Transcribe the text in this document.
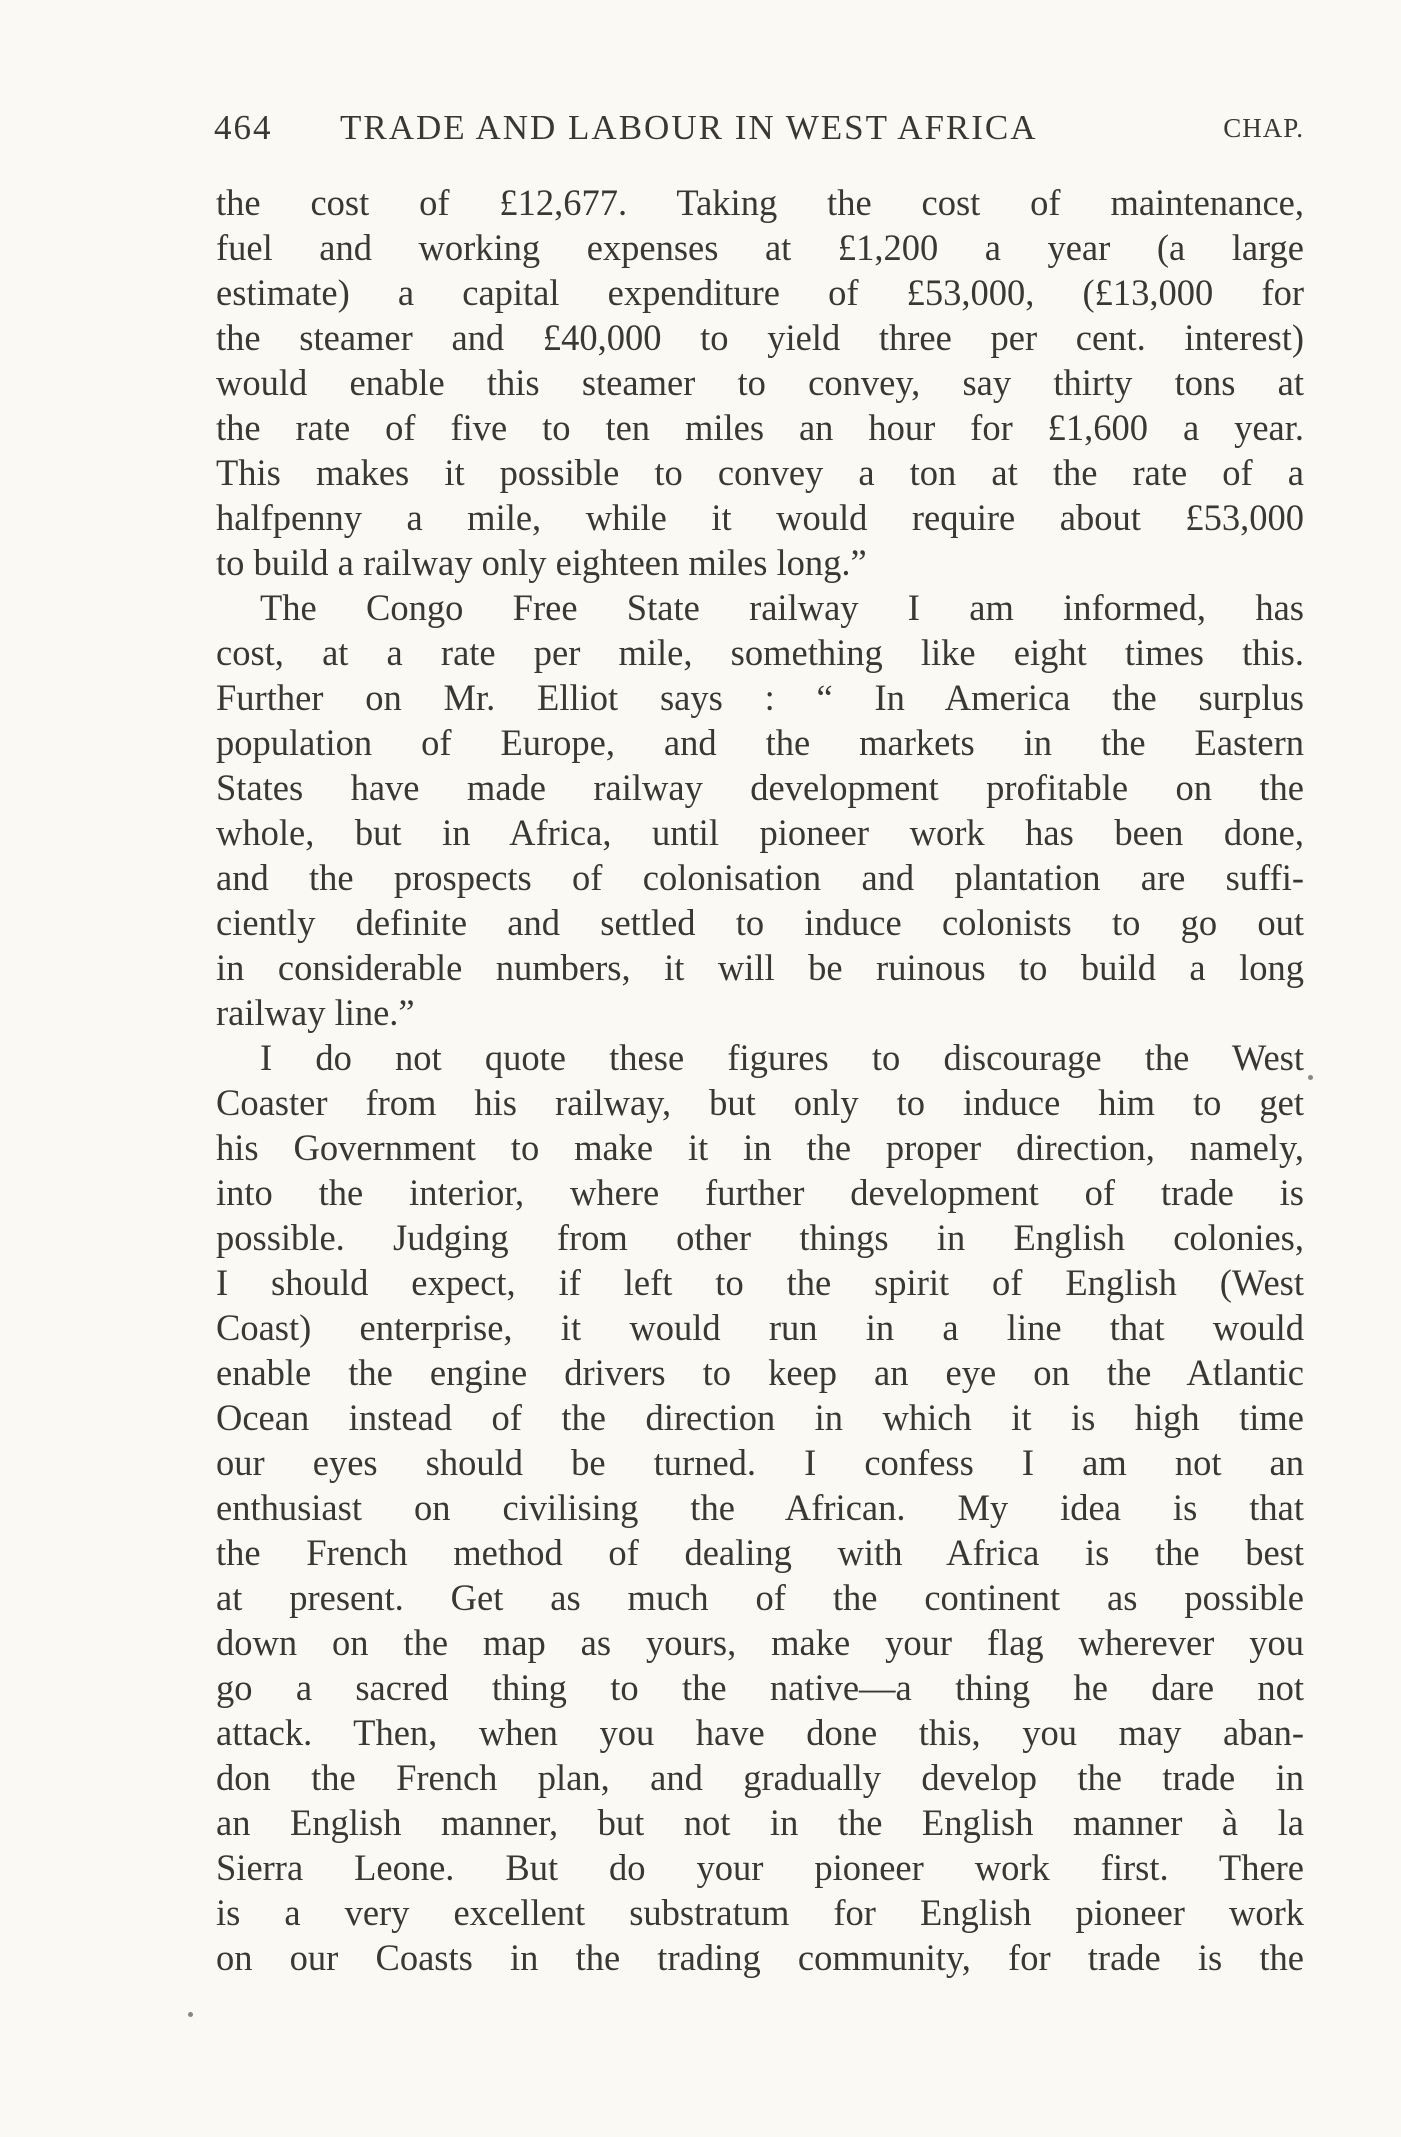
464 TRADE AND LABOUR IN WEST AFRICA	CHAP.
the cost of £12,677. Taking the cost of maintenance,
fuel and working expenses at £1,200 a year (a large
estimate) a capital expenditure of £53,000, (£13,000 for
the steamer and £40,000 to yield three per cent. interest)
would enable this steamer to convey, say thirty tons at
the rate of five to ten miles an hour for £1,600 a year.
This makes it possible to convey a ton at the rate of a
halfpenny a mile, while it would require about £53,000
to build a railway only eighteen miles long.”
The Congo Free State railway I am informed, has
cost, at a rate per mile, something like eight times this.
Further on Mr. Elliot says : “ In America the surplus
population of Europe, and the markets in the Eastern
States have made railway development profitable on the
whole, but in Africa, until pioneer work has been done,
and the prospects of colonisation and plantation are suffi-
ciently definite and settled to induce colonists to go out
in considerable numbers, it will be ruinous to build a long
railway line.”
I do not quote these figures to discourage the West
Coaster from his railway, but only to induce him to get
his Government to make it in the proper direction, namely,
into the interior, where further development of trade is
possible. Judging from other things in English colonies,
I should expect, if left to the spirit of English (West
Coast) enterprise, it would run in a line that would
enable the engine drivers to keep an eye on the Atlantic
Ocean instead of the direction in which it is high time
our eyes should be turned. I confess I am not an
enthusiast on civilising the African. My idea is that
the French method of dealing with Africa is the best
at present. Get as much of the continent as possible
down on the map as yours, make your flag wherever you
go a sacred thing to the native—a thing he dare not
attack. Then, when you have done this, you may aban-
don the French plan, and gradually develop the trade in
an English manner, but not in the English manner à la
Sierra Leone. But do your pioneer work first. There
is a very excellent substratum for English pioneer work
on our Coasts in the trading community, for trade is the
